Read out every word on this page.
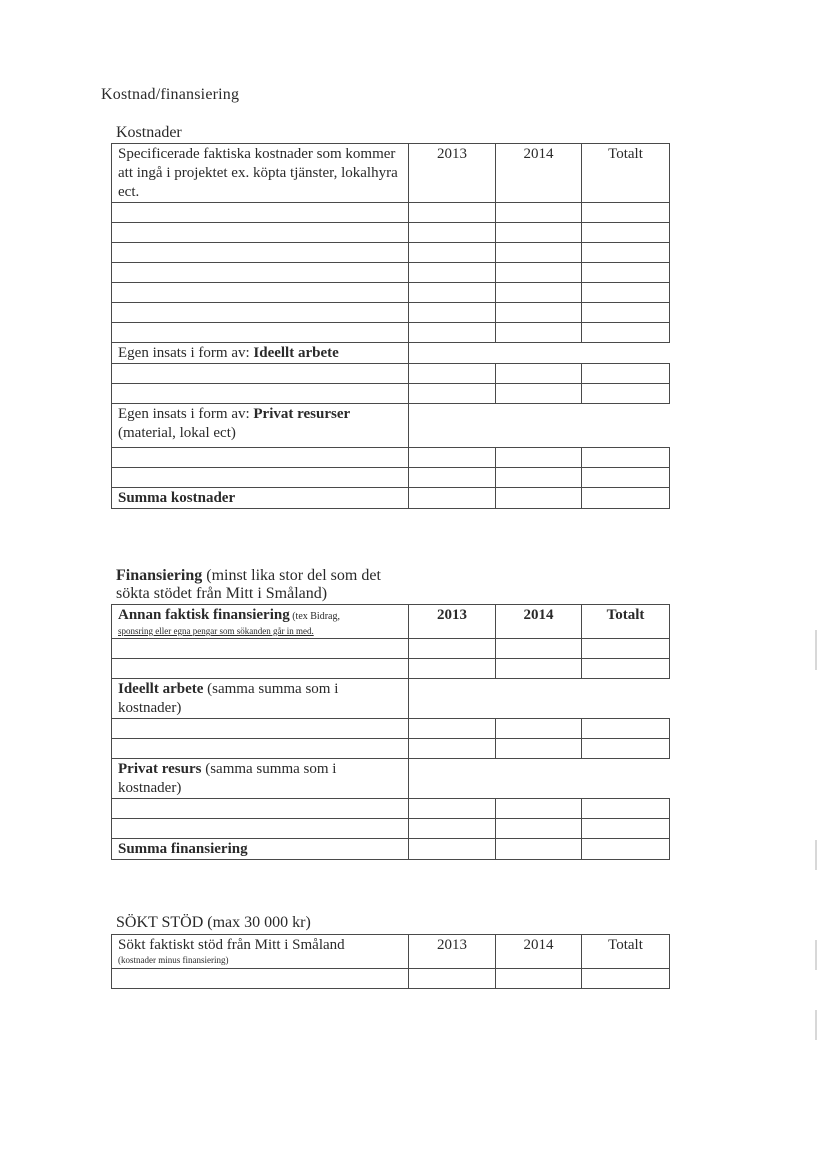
Kostnad/finansiering
Kostnader
Specificerade faktiska kostnader som kommer att ingå i projektet ex. köpta tjänster, lokalhyra ect.	2013	2014	Totalt

Egen insats i form av: Ideellt arbete			

Egen insats i form av: Privat resurser
(material, lokal ect)			

Summa kostnader			
Finansiering (minst lika stor del som det sökta stödet från Mitt i Småland)
Annan faktisk finansiering (tex Bidrag,
sponsring eller egna pengar som sökanden går in med.	2013	2014	Totalt

Ideellt arbete (samma summa som i kostnader)			

Privat resurs (samma summa som i kostnader)			

Summa finansiering			
SÖKT STÖD (max 30 000 kr)
Sökt faktiskt stöd från Mitt i Småland
(kostnader minus finansiering)	2013	2014	Totalt
